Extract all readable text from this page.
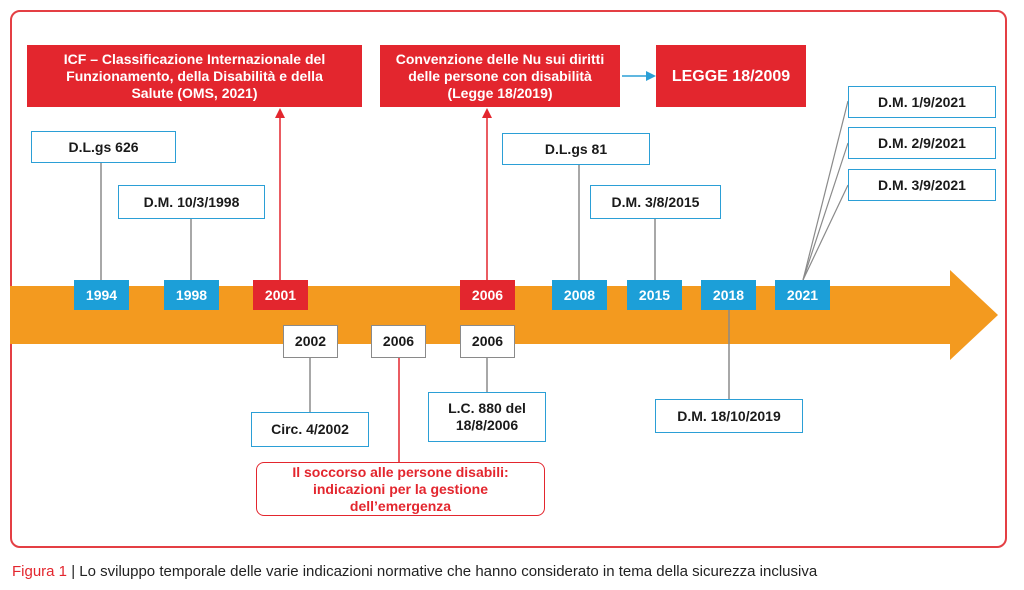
ICF – Classificazione Internazionale del Funzionamento, della Disabilità e della Salute (OMS, 2021)
Convenzione delle Nu sui diritti delle persone con disabilità (Legge 18/2019)
LEGGE 18/2009
D.L.gs 626
D.M. 10/3/1998
D.L.gs 81
D.M. 3/8/2015
D.M. 1/9/2021
D.M. 2/9/2021
D.M. 3/9/2021
1994	1998	2001	2006	2008	2015	2018	2021
2002	2006	2006
Circ. 4/2002
L.C. 880 del 18/8/2006
D.M. 18/10/2019
Il soccorso alle persone disabili: indicazioni per la gestione dell’emergenza
Figura 1 | Lo sviluppo temporale delle varie indicazioni normative che hanno considerato in tema della sicurezza inclusiva
